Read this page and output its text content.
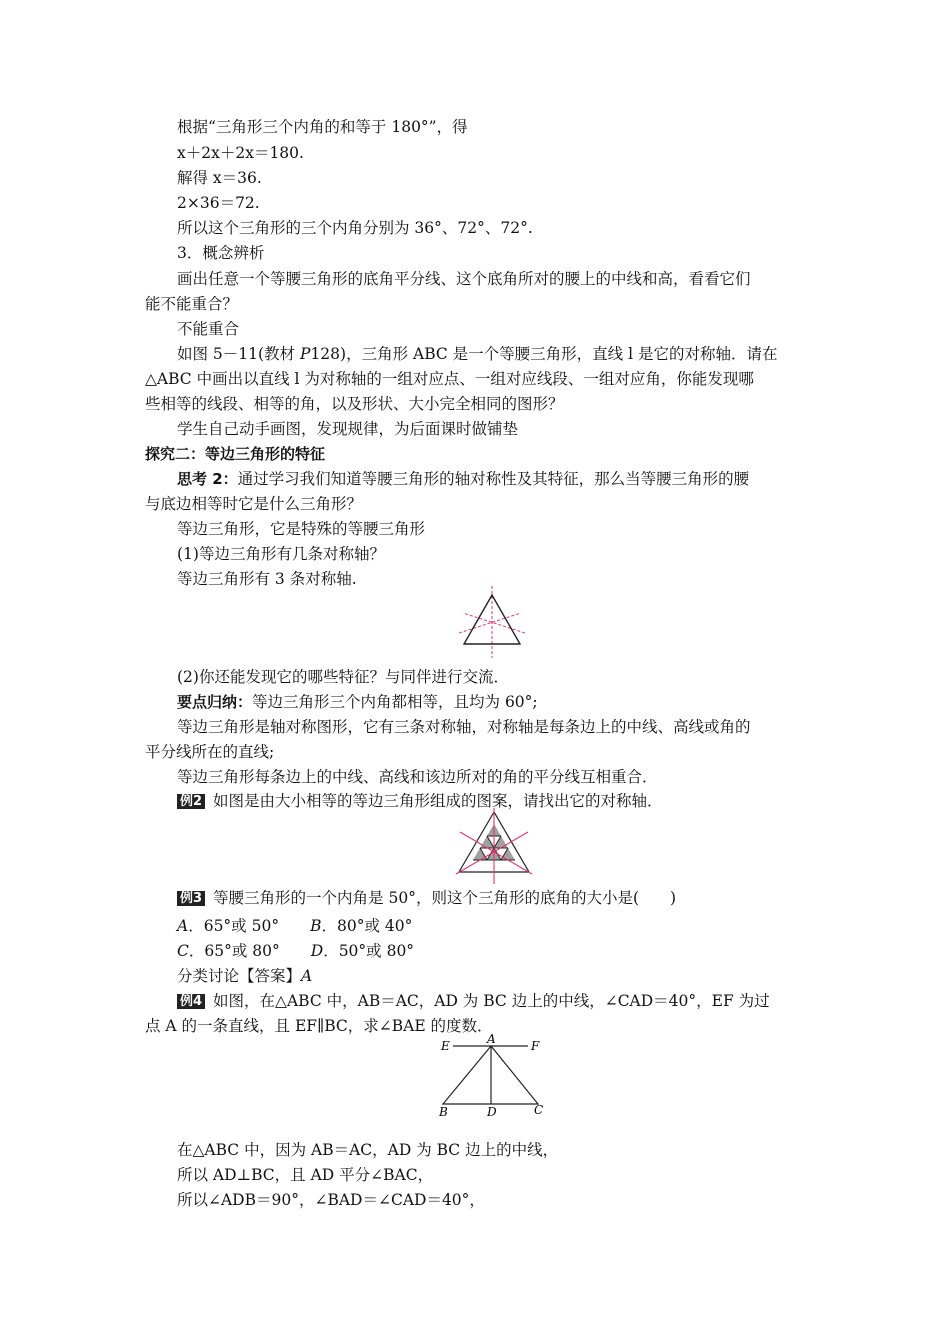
根据“三角形三个内角的和等于 180°”，得
x＋2x＋2x＝180.
解得 x＝36.
2×36＝72.
所以这个三角形的三个内角分别为 36°、72°、72°.
3．概念辨析
画出任意一个等腰三角形的底角平分线、这个底角所对的腰上的中线和高，看看它们
能不能重合？
不能重合
如图 5－11(教材 P128)，三角形 ABC 是一个等腰三角形，直线 l 是它的对称轴．请在
△ABC 中画出以直线 l 为对称轴的一组对应点、一组对应线段、一组对应角，你能发现哪
些相等的线段、相等的角，以及形状、大小完全相同的图形？
学生自己动手画图，发现规律，为后面课时做铺垫
探究二：等边三角形的特征
思考 2：通过学习我们知道等腰三角形的轴对称性及其特征，那么当等腰三角形的腰
与底边相等时它是什么三角形？
等边三角形，它是特殊的等腰三角形
(1)等边三角形有几条对称轴？
等边三角形有 3 条对称轴.
(2)你还能发现它的哪些特征？与同伴进行交流．
要点归纳：等边三角形三个内角都相等，且均为 60°;
等边三角形是轴对称图形，它有三条对称轴，对称轴是每条边上的中线、高线或角的
平分线所在的直线;
等边三角形每条边上的中线、高线和该边所对的角的平分线互相重合．
例2 如图是由大小相等的等边三角形组成的图案，请找出它的对称轴．
例3 等腰三角形的一个内角是 50°，则这个三角形的底角的大小是(　　)
A．65°或 50°　　B．80°或 40°
C．65°或 80°　　D．50°或 80°
分类讨论【答案】A
例4 如图，在△ABC 中，AB＝AC，AD 为 BC 边上的中线，∠CAD＝40°，EF 为过
点 A 的一条直线，且 EF∥BC，求∠BAE 的度数．
A
E	F
B	D	C
在△ABC 中，因为 AB＝AC，AD 为 BC 边上的中线，
所以 AD⊥BC，且 AD 平分∠BAC，
所以∠ADB＝90°，∠BAD＝∠CAD＝40°，
